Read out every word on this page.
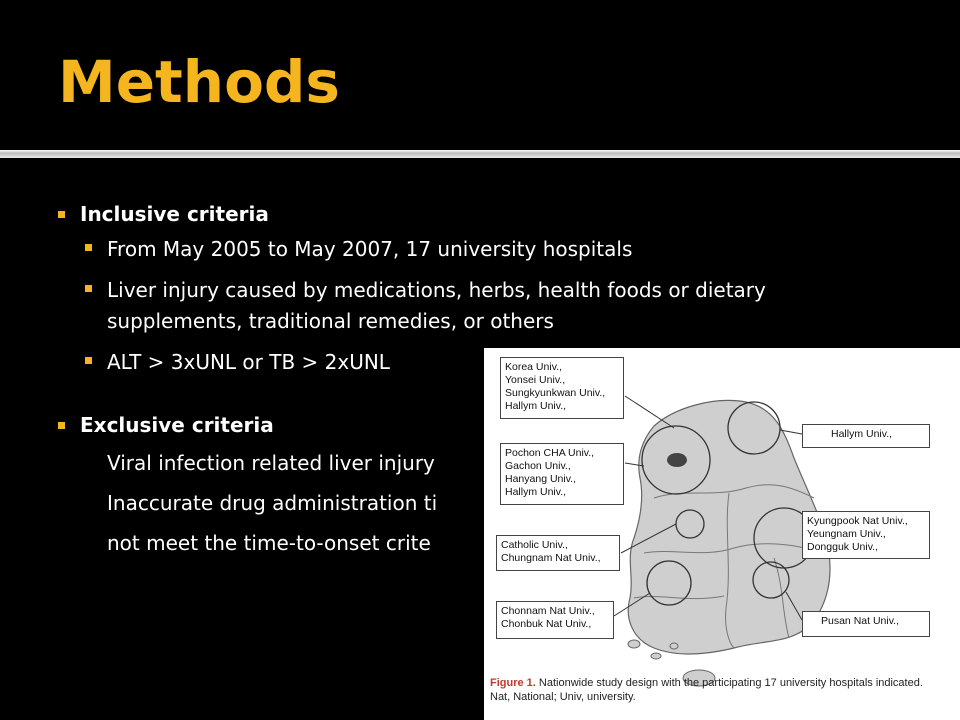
Methods
Inclusive criteria
From May 2005 to May 2007, 17 university hospitals
Liver injury caused by medications, herbs, health foods or dietary supplements, traditional remedies, or others
ALT > 3xUNL or TB > 2xUNL
Exclusive criteria
Viral infection related liver injury
Inaccurate drug administration ti
not meet the time-to-onset crite
Korea Univ.,
Yonsei Univ.,
Sungkyunkwan Univ.,
Hallym Univ.,
Pochon CHA Univ.,
Gachon Univ.,
Hanyang Univ.,
Hallym Univ.,
Hallym Univ.,
Catholic Univ.,
Chungnam Nat Univ.,
Kyungpook Nat Univ.,
Yeungnam Univ.,
Dongguk Univ.,
Chonnam Nat Univ.,
Chonbuk Nat Univ.,	Pusan Nat Univ.,
Figure 1. Nationwide study design with the participating 17 university hospitals indicated. Nat, National; Univ, university.
